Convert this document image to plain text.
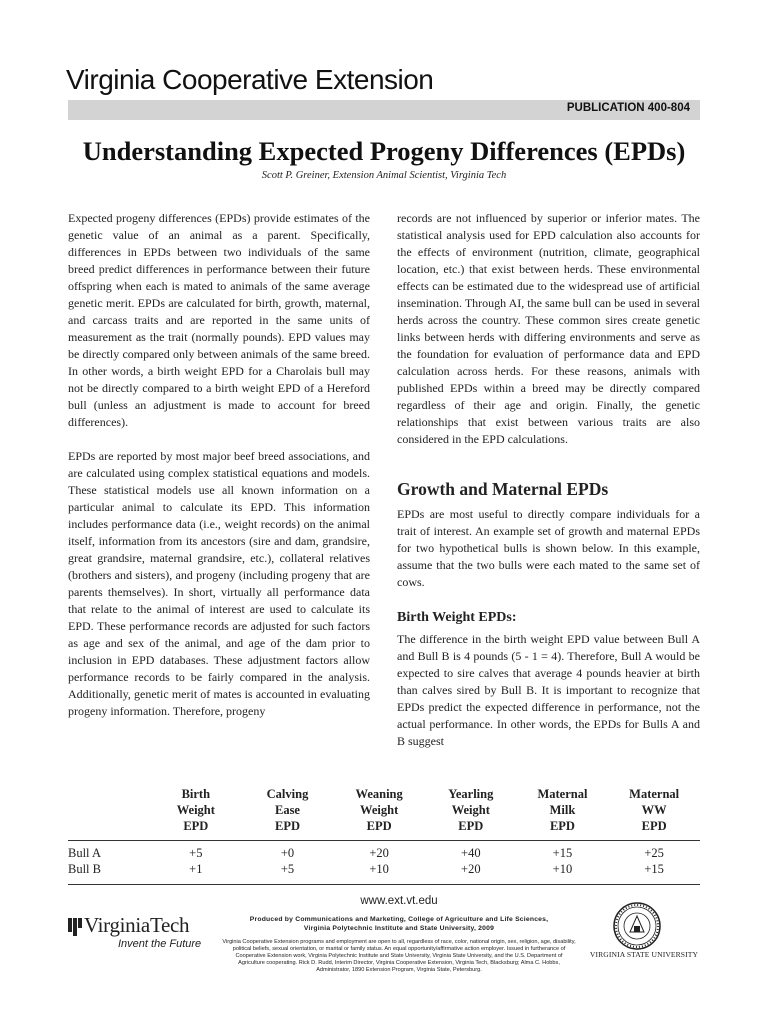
Virginia Cooperative Extension
PUBLICATION 400-804
Understanding Expected Progeny Differences (EPDs)
Scott P. Greiner, Extension Animal Scientist, Virginia Tech

Expected progeny differences (EPDs) provide estimates of the genetic value of an animal as a parent. Specifically, differences in EPDs between two individuals of the same breed predict differences in performance between their future offspring when each is mated to animals of the same average genetic merit. EPDs are calculated for birth, growth, maternal, and carcass traits and are reported in the same units of measurement as the trait (normally pounds). EPD values may be directly compared only between animals of the same breed. In other words, a birth weight EPD for a Charolais bull may not be directly compared to a birth weight EPD of a Hereford bull (unless an adjustment is made to account for breed differences).

EPDs are reported by most major beef breed associations, and are calculated using complex statistical equations and models. These statistical models use all known information on a particular animal to calculate its EPD. This information includes performance data (i.e., weight records) on the animal itself, information from its ancestors (sire and dam, grandsire, great grandsire, maternal grandsire, etc.), collateral relatives (brothers and sisters), and progeny (including progeny that are parents themselves). In short, virtually all performance data that relate to the animal of interest are used to calculate its EPD. These performance records are adjusted for such factors as age and sex of the animal, and age of the dam prior to inclusion in EPD databases. These adjustment factors allow performance records to be fairly compared in the analysis. Additionally, genetic merit of mates is accounted in evaluating progeny information. Therefore, progeny

records are not influenced by superior or inferior mates. The statistical analysis used for EPD calculation also accounts for the effects of environment (nutrition, climate, geographical location, etc.) that exist between herds. These environmental effects can be estimated due to the widespread use of artificial insemination. Through AI, the same bull can be used in several herds across the country. These common sires create genetic links between herds with differing environments and serve as the foundation for evaluation of performance data and EPD calculation across herds. For these reasons, animals with published EPDs within a breed may be directly compared regardless of their age and origin. Finally, the genetic relationships that exist between various traits are also considered in the EPD calculations.

Growth and Maternal EPDs

EPDs are most useful to directly compare individuals for a trait of interest. An example set of growth and maternal EPDs for two hypothetical bulls is shown below. In this example, assume that the two bulls were each mated to the same set of cows.

Birth Weight EPDs:

The difference in the birth weight EPD value between Bull A and Bull B is 4 pounds (5 - 1 = 4). Therefore, Bull A would be expected to sire calves that average 4 pounds heavier at birth than calves sired by Bull B. It is important to recognize that EPDs predict the expected difference in performance, not the actual performance. In other words, the EPDs for Bulls A and B suggest

	Birth
Weight
EPD	Calving
Ease
EPD	Weaning
Weight
EPD	Yearling
Weight
EPD	Maternal
Milk
EPD	Maternal
WW
EPD
Bull A	+5	+0	+20	+40	+15	+25
Bull B	+1	+5	+10	+20	+10	+15
VirginiaTech
Invent the Future
www.ext.vt.edu
Produced by Communications and Marketing, College of Agriculture and Life Sciences,
Virginia Polytechnic Institute and State University, 2009
Virginia Cooperative Extension programs and employment are open to all, regardless of race, color, national origin, sex, religion, age, disability, political beliefs, sexual orientation, or marital or family status. An equal opportunity/affirmative action employer. Issued in furtherance of Cooperative Extension work, Virginia Polytechnic Institute and State University, Virginia State University, and the U.S. Department of Agriculture cooperating. Rick D. Rudd, Interim Director, Virginia Cooperative Extension, Virginia Tech, Blacksburg; Alma C. Hobbs, Administrator, 1890 Extension Program, Virginia State, Petersburg.
VIRGINIA STATE UNIVERSITY
